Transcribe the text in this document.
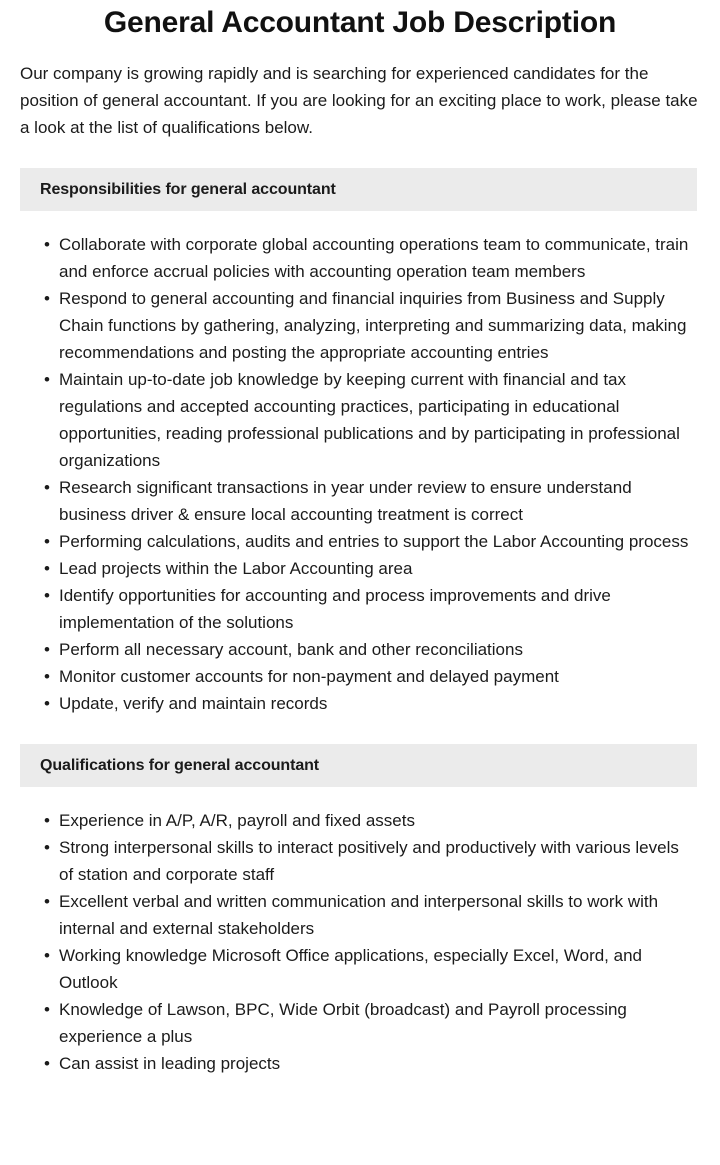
General Accountant Job Description

Our company is growing rapidly and is searching for experienced candidates for the position of general accountant. If you are looking for an exciting place to work, please take a look at the list of qualifications below.

Responsibilities for general accountant
• Collaborate with corporate global accounting operations team to communicate, train and enforce accrual policies with accounting operation team members
• Respond to general accounting and financial inquiries from Business and Supply Chain functions by gathering, analyzing, interpreting and summarizing data, making recommendations and posting the appropriate accounting entries
• Maintain up-to-date job knowledge by keeping current with financial and tax regulations and accepted accounting practices, participating in educational opportunities, reading professional publications and by participating in professional organizations
• Research significant transactions in year under review to ensure understand business driver & ensure local accounting treatment is correct
• Performing calculations, audits and entries to support the Labor Accounting process
• Lead projects within the Labor Accounting area
• Identify opportunities for accounting and process improvements and drive implementation of the solutions
• Perform all necessary account, bank and other reconciliations
• Monitor customer accounts for non-payment and delayed payment
• Update, verify and maintain records
Qualifications for general accountant
• Experience in A/P, A/R, payroll and fixed assets
• Strong interpersonal skills to interact positively and productively with various levels of station and corporate staff
• Excellent verbal and written communication and interpersonal skills to work with internal and external stakeholders
• Working knowledge Microsoft Office applications, especially Excel, Word, and Outlook
• Knowledge of Lawson, BPC, Wide Orbit (broadcast) and Payroll processing experience a plus
• Can assist in leading projects
